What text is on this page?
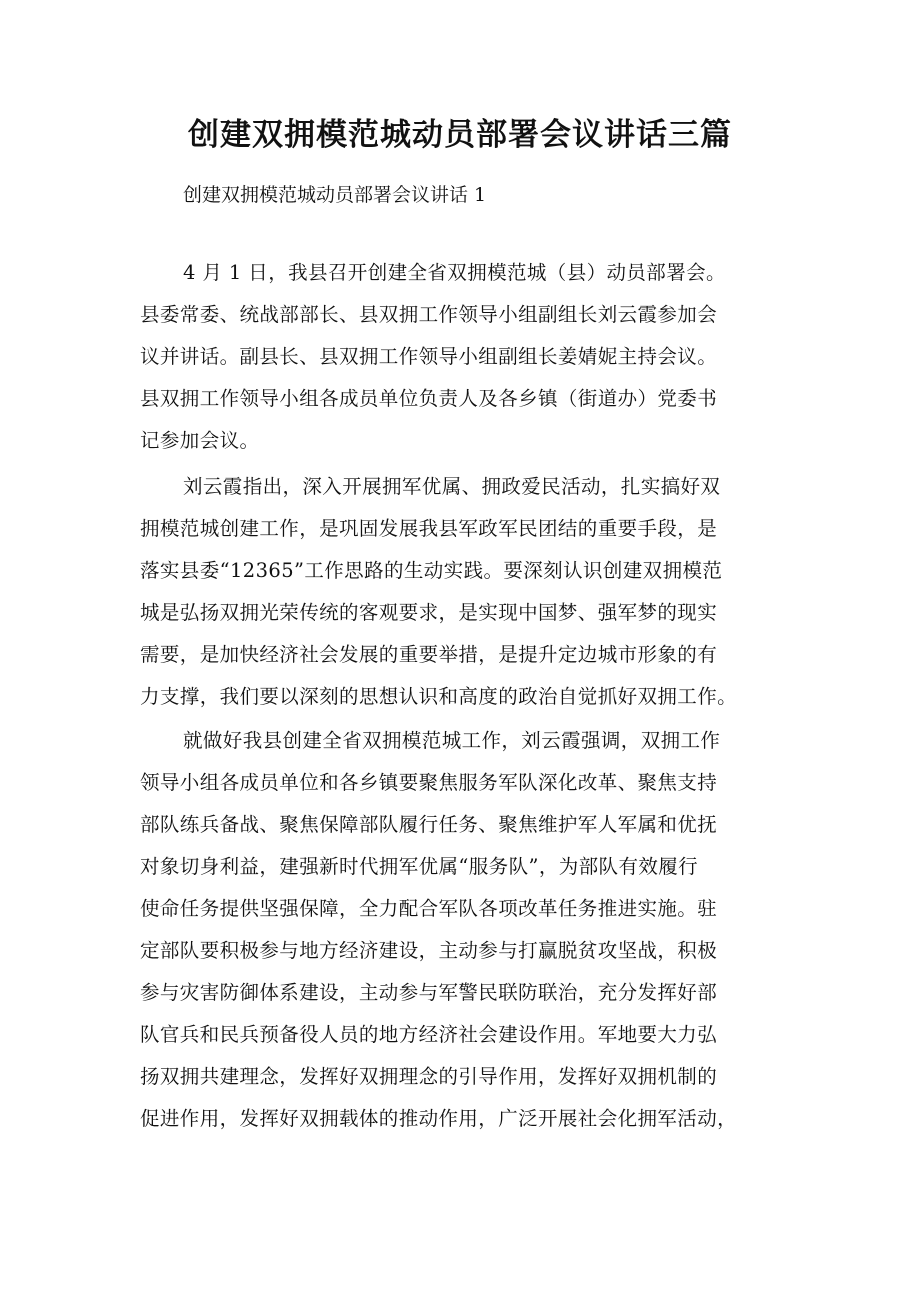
创建双拥模范城动员部署会议讲话三篇

创建双拥模范城动员部署会议讲话 1

4 月 1 日，我县召开创建全省双拥模范城（县）动员部署会。
县委常委、统战部部长、县双拥工作领导小组副组长刘云霞参加会
议并讲话。副县长、县双拥工作领导小组副组长姜婧妮主持会议。
县双拥工作领导小组各成员单位负责人及各乡镇（街道办）党委书
记参加会议。
刘云霞指出，深入开展拥军优属、拥政爱民活动，扎实搞好双
拥模范城创建工作，是巩固发展我县军政军民团结的重要手段，是
落实县委“12365”工作思路的生动实践。要深刻认识创建双拥模范
城是弘扬双拥光荣传统的客观要求，是实现中国梦、强军梦的现实
需要，是加快经济社会发展的重要举措，是提升定边城市形象的有
力支撑，我们要以深刻的思想认识和高度的政治自觉抓好双拥工作。
就做好我县创建全省双拥模范城工作，刘云霞强调，双拥工作
领导小组各成员单位和各乡镇要聚焦服务军队深化改革、聚焦支持
部队练兵备战、聚焦保障部队履行任务、聚焦维护军人军属和优抚
对象切身利益，建强新时代拥军优属“服务队”，为部队有效履行
使命任务提供坚强保障，全力配合军队各项改革任务推进实施。驻
定部队要积极参与地方经济建设，主动参与打赢脱贫攻坚战，积极
参与灾害防御体系建设，主动参与军警民联防联治，充分发挥好部
队官兵和民兵预备役人员的地方经济社会建设作用。军地要大力弘
扬双拥共建理念，发挥好双拥理念的引导作用，发挥好双拥机制的
促进作用，发挥好双拥载体的推动作用，广泛开展社会化拥军活动，
